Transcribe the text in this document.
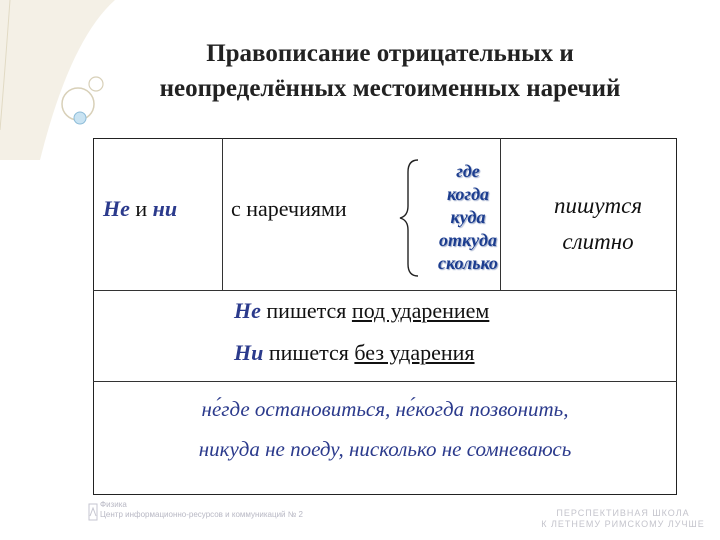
Правописание отрицательных и
неопределённых местоименных наречий
Не и ни с наречиями
где
когда
куда
откуда
сколько
пишутся
слитно
Не пишется под ударением
Ни пишется без ударения
не́где остановиться, не́когда позвонить,
никуда не поеду, нисколько не сомневаюсь
Физика
Центр информационно-ресурсов и коммуникаций № 2	ПЕРСПЕКТИВНАЯ ШКОЛА
К ЛЕТНЕМУ РИМСКОМУ ЛУЧШЕ
